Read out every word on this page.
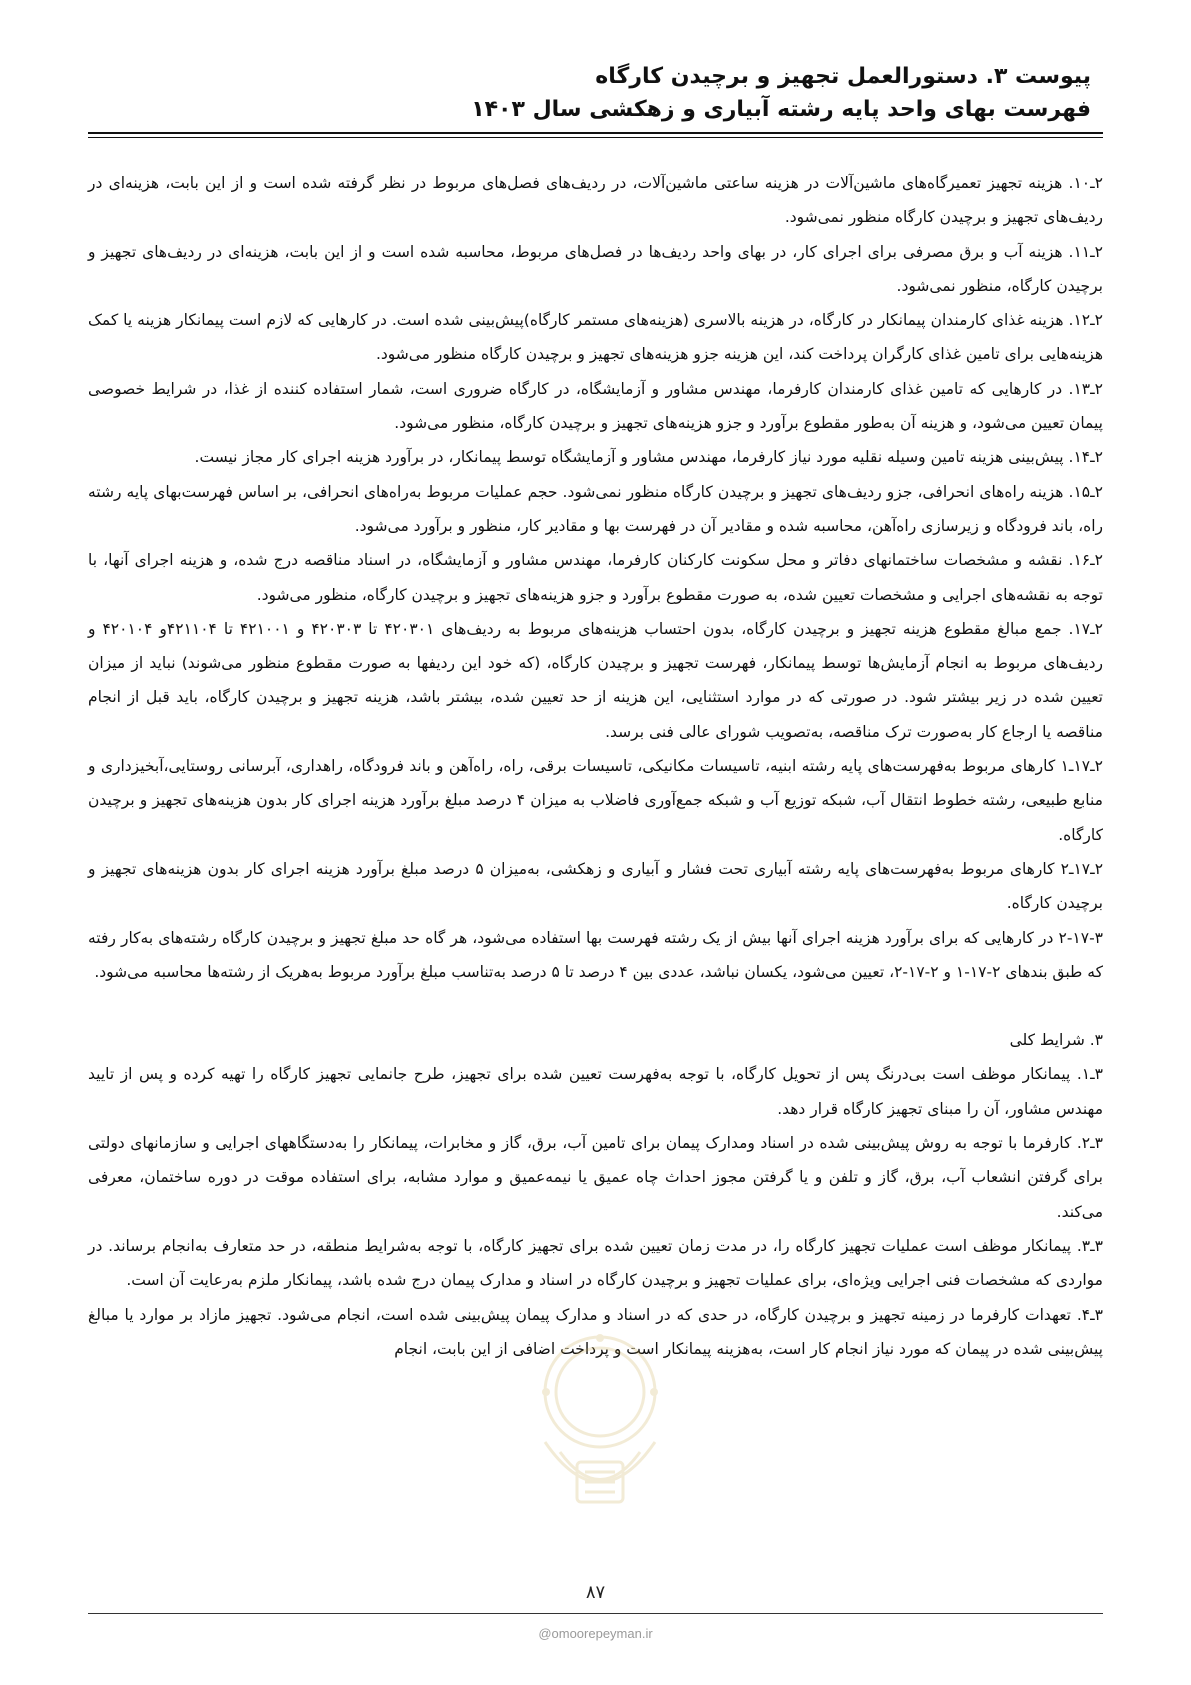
پیوست ۳. دستورالعمل تجهیز و برچیدن کارگاه
فهرست بهای واحد پایه رشته آبیاری و زهکشی سال ۱۴۰۳

۲ـ۱۰. هزینه تجهیز تعمیرگاه‌های ماشین‌آلات در هزینه ساعتی ماشین‌آلات، در ردیف‌های فصل‌های مربوط در نظر گرفته شده است و از این بابت، هزینه‌ای در ردیف‌های تجهیز و برچیدن کارگاه منظور نمی‌شود.

۲ـ۱۱. هزینه آب و برق مصرفی برای اجرای کار، در بهای واحد ردیف‌ها در فصل‌های مربوط، محاسبه شده است و از این بابت، هزینه‌ای در ردیف‌های تجهیز و برچیدن کارگاه، منظور نمی‌شود.

۲ـ۱۲. هزینه غذای کارمندان پیمانکار در کارگاه، در هزینه بالاسری (هزینه‌های مستمر کارگاه)پیش‌بینی شده است. در کارهایی که لازم است پیمانکار هزینه یا کمک هزینه‌هایی برای تامین غذای کارگران پرداخت کند، این هزینه جزو هزینه‌های تجهیز و برچیدن کارگاه منظور می‌شود.

۲ـ۱۳. در کارهایی که تامین غذای کارمندان کارفرما، مهندس مشاور و آزمایشگاه، در کارگاه ضروری است، شمار استفاده کننده از غذا، در شرایط خصوصی پیمان تعیین می‌شود، و هزینه آن به‌طور مقطوع برآورد و جزو هزینه‌های تجهیز و برچیدن کارگاه، منظور می‌شود.

۲ـ۱۴. پیش‌بینی هزینه تامین وسیله نقلیه مورد نیاز کارفرما، مهندس مشاور و آزمایشگاه توسط پیمانکار، در برآورد هزینه اجرای کار مجاز نیست.

۲ـ۱۵. هزینه راه‌های انحرافی، جزو ردیف‌های تجهیز و برچیدن کارگاه منظور نمی‌شود. حجم عملیات مربوط به‌راه‌های انحرافی، بر اساس فهرست‌بهای پایه رشته راه، باند فرودگاه و زیرسازی راه‌آهن، محاسبه شده و مقادیر آن در فهرست بها و مقادیر کار، منظور و برآورد می‌شود.

۲ـ۱۶. نقشه و مشخصات ساختمانهای دفاتر و محل سکونت کارکنان کارفرما، مهندس مشاور و آزمایشگاه، در اسناد مناقصه درج شده، و هزینه اجرای آنها، با توجه به نقشه‌های اجرایی و مشخصات تعیین شده، به صورت مقطوع برآورد و جزو هزینه‌های تجهیز و برچیدن کارگاه، منظور می‌شود.

۲ـ۱۷. جمع مبالغ مقطوع هزینه تجهیز و برچیدن کارگاه، بدون احتساب هزینه‌های مربوط به ردیف‌های ۴۲۰۳۰۱ تا ۴۲۰۳۰۳ و ۴۲۱۰۰۱ تا ۴۲۱۱۰۴و ۴۲۰۱۰۴ و ردیف‌های مربوط به انجام آزمایش‌ها توسط پیمانکار، فهرست تجهیز و برچیدن کارگاه، (که خود این ردیفها به صورت مقطوع منظور می‌شوند) نباید از میزان تعیین شده در زیر بیشتر شود. در صورتی که در موارد استثنایی، این هزینه از حد تعیین شده، بیشتر باشد، هزینه تجهیز و برچیدن کارگاه، باید قبل از انجام مناقصه یا ارجاع کار به‌صورت ترک مناقصه، به‌تصویب شورای عالی فنی برسد.

۲ـ۱۷ـ۱ کارهای مربوط به‌فهرست‌های پایه رشته ابنیه، تاسیسات مکانیکی، تاسیسات برقی، راه، راه‌آهن و باند فرودگاه، راهداری، آبرسانی روستایی،آبخیزداری و منابع طبیعی، رشته خطوط انتقال آب، شبکه توزیع آب و شبکه جمع‌آوری فاضلاب به میزان ۴ درصد مبلغ برآورد هزینه اجرای کار بدون هزینه‌های تجهیز و برچیدن کارگاه.

۲ـ۱۷ـ۲ کارهای مربوط به‌فهرست‌های پایه رشته آبیاری تحت فشار و آبیاری و زهکشی، به‌میزان ۵ درصد مبلغ برآورد هزینه اجرای کار بدون هزینه‌های تجهیز و برچیدن کارگاه.

۲-۱۷-۳ در کارهایی که برای برآورد هزینه اجرای آنها بیش از یک رشته فهرست بها استفاده می‌شود، هر گاه حد مبلغ تجهیز و برچیدن کارگاه رشته‌های به‌کار رفته که طبق بندهای ۲-۱۷-۱ و ۲-۱۷-۲، تعیین می‌شود، یکسان نباشد، عددی بین ۴ درصد تا ۵ درصد به‌تناسب مبلغ برآورد مربوط به‌هریک از رشته‌ها محاسبه می‌شود.

۳. شرایط کلی

۳ـ۱. پیمانکار موظف است بی‌درنگ پس از تحویل کارگاه، با توجه به‌فهرست تعیین شده برای تجهیز، طرح جانمایی تجهیز کارگاه را تهیه کرده و پس از تایید مهندس مشاور، آن را مبنای تجهیز کارگاه قرار دهد.

۳ـ۲. کارفرما با توجه به روش پیش‌بینی شده در اسناد ومدارک پیمان برای تامین آب، برق، گاز و مخابرات، پیمانکار را به‌دستگاههای اجرایی و سازمانهای دولتی برای گرفتن انشعاب آب، برق، گاز و تلفن و یا گرفتن مجوز احداث چاه عمیق یا نیمه‌عمیق و موارد مشابه، برای استفاده موقت در دوره ساختمان، معرفی می‌کند.

۳ـ۳. پیمانکار موظف است عملیات تجهیز کارگاه را، در مدت زمان تعیین شده برای تجهیز کارگاه، با توجه به‌شرایط منطقه، در حد متعارف به‌انجام برساند. در مواردی که مشخصات فنی اجرایی ویژه‌ای، برای عملیات تجهیز و برچیدن کارگاه در اسناد و مدارک پیمان درج شده باشد، پیمانکار ملزم به‌رعایت آن است.

۳ـ۴. تعهدات کارفرما در زمینه تجهیز و برچیدن کارگاه، در حدی که در اسناد و مدارک پیمان پیش‌بینی شده است، انجام می‌شود. تجهیز مازاد بر موارد یا مبالغ پیش‌بینی شده در پیمان که مورد نیاز انجام کار است، به‌هزینه پیمانکار است و پرداخت اضافی از این بابت، انجام

۸۷
@omoorepeyman.ir
